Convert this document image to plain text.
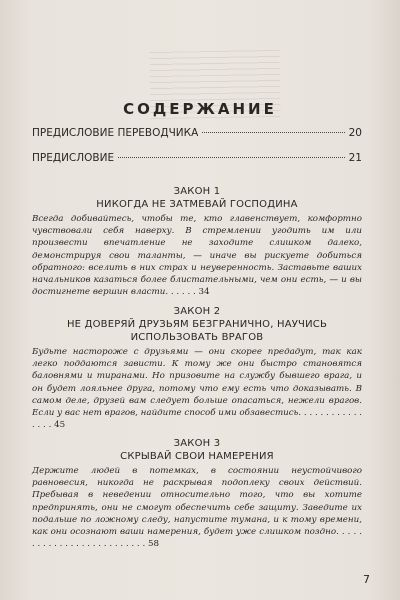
СОДЕРЖАНИЕ
ПРЕДИСЛОВИЕ ПЕРЕВОДЧИКА	20
ПРЕДИСЛОВИЕ	21
ЗАКОН 1
НИКОГДА НЕ ЗАТМЕВАЙ ГОСПОДИНА
Всегда добивайтесь, чтобы те, кто главенствует, комфортно чувствовали себя наверху. В стремлении угодить им или произвести впечатление не заходите слишком далеко, демонстрируя свои таланты, — иначе вы рискуете добиться обратного: вселить в них страх и неуверенность. Заставьте ваших начальников казаться более блистательными, чем они есть, — и вы достигнете вершин власти. . . . . . 34
ЗАКОН 2
НЕ ДОВЕРЯЙ ДРУЗЬЯМ БЕЗГРАНИЧНО, НАУЧИСЬ ИСПОЛЬЗОВАТЬ ВРАГОВ
Будьте настороже с друзьями — они скорее предадут, так как легко поддаются зависти. К тому же они быстро становятся баловнями и тиранами. Но призовите на службу бывшего врага, и он будет лояльнее друга, потому что ему есть что доказывать. В самом деле, друзей вам следует больше опасаться, нежели врагов. Если у вас нет врагов, найдите способ ими обзавестись. . . . . . . . . . . . . . . . 45
ЗАКОН 3
СКРЫВАЙ СВОИ НАМЕРЕНИЯ
Держите людей в потемках, в состоянии неустойчивого равновесия, никогда не раскрывая подоплеку своих действий. Пребывая в неведении относительно того, что вы хотите предпринять, они не смогут обеспечить себе защиту. Заведите их подальше по ложному следу, напустите тумана, и к тому времени, как они осознают ваши намерения, будет уже слишком поздно. . . . . . . . . . . . . . . . . . . . . . . . . . 58
7
